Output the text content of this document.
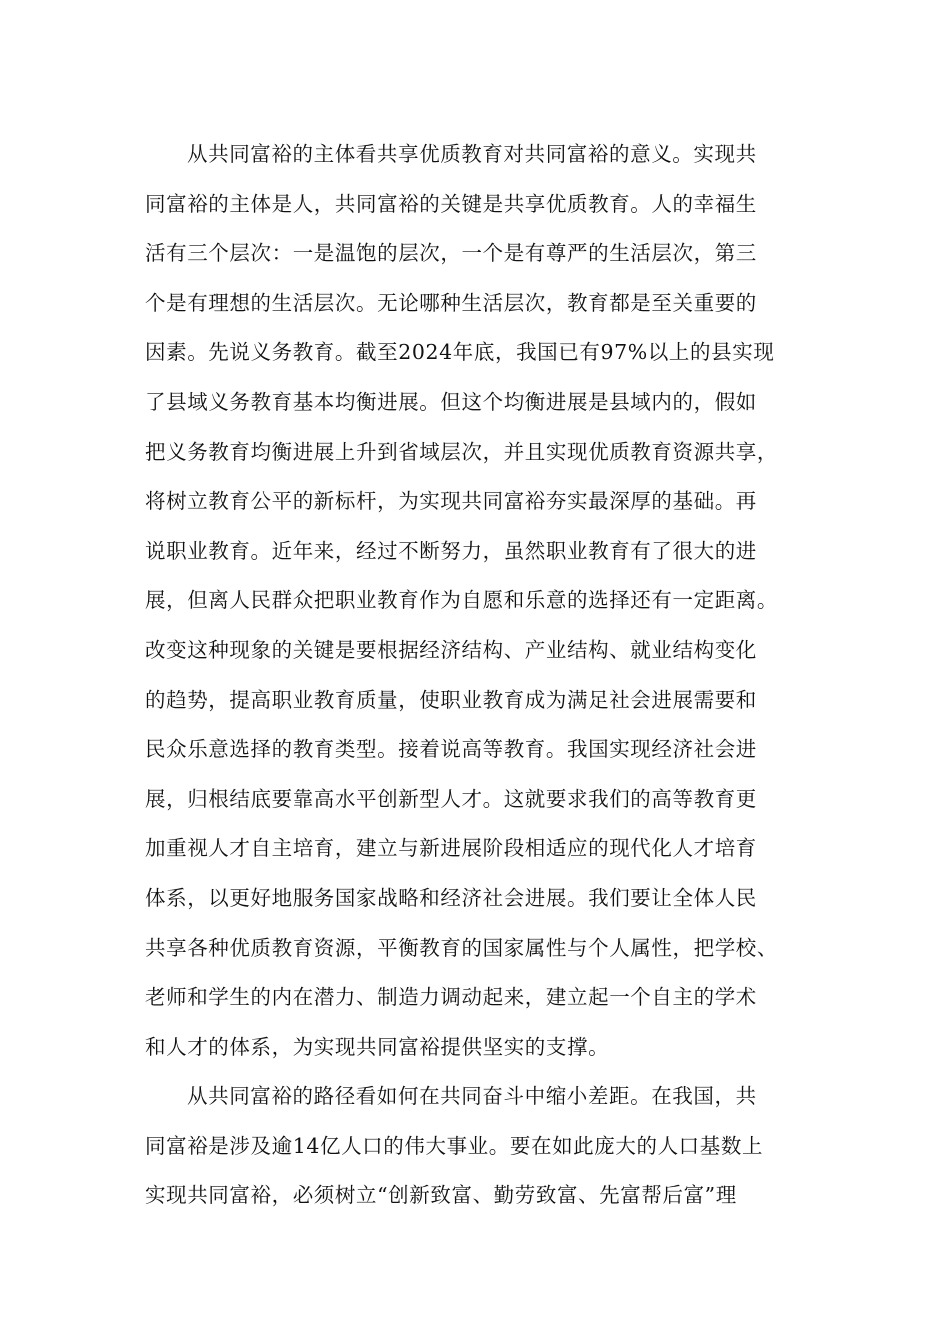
从共同富裕的主体看共享优质教育对共同富裕的意义。实现共
同富裕的主体是人，共同富裕的关键是共享优质教育。人的幸福生
活有三个层次：一是温饱的层次，一个是有尊严的生活层次，第三
个是有理想的生活层次。无论哪种生活层次，教育都是至关重要的
因素。先说义务教育。截至2024年底，我国已有97%以上的县实现
了县域义务教育基本均衡进展。但这个均衡进展是县域内的，假如
把义务教育均衡进展上升到省域层次，并且实现优质教育资源共享，
将树立教育公平的新标杆，为实现共同富裕夯实最深厚的基础。再
说职业教育。近年来，经过不断努力，虽然职业教育有了很大的进
展，但离人民群众把职业教育作为自愿和乐意的选择还有一定距离。
改变这种现象的关键是要根据经济结构、产业结构、就业结构变化
的趋势，提高职业教育质量，使职业教育成为满足社会进展需要和
民众乐意选择的教育类型。接着说高等教育。我国实现经济社会进
展，归根结底要靠高水平创新型人才。这就要求我们的高等教育更
加重视人才自主培育，建立与新进展阶段相适应的现代化人才培育
体系，以更好地服务国家战略和经济社会进展。我们要让全体人民
共享各种优质教育资源，平衡教育的国家属性与个人属性，把学校、
老师和学生的内在潜力、制造力调动起来，建立起一个自主的学术
和人才的体系，为实现共同富裕提供坚实的支撑。
从共同富裕的路径看如何在共同奋斗中缩小差距。在我国，共
同富裕是涉及逾14亿人口的伟大事业。要在如此庞大的人口基数上
实现共同富裕，必须树立“创新致富、勤劳致富、先富帮后富”理
